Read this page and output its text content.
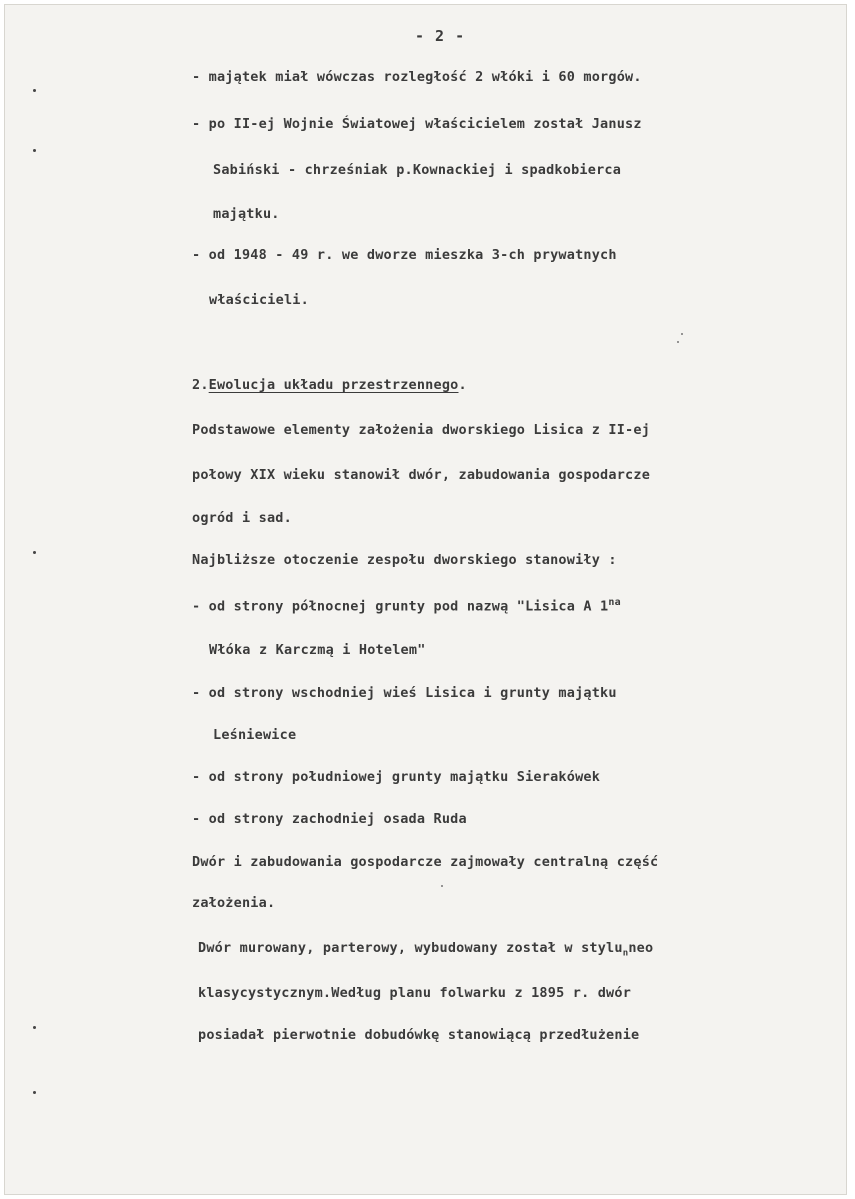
- 2 -
- majątek miał wówczas rozległość 2 włóki i 60 morgów.
- po II-ej Wojnie Światowej właścicielem został Janusz
Sabiński - chrześniak p.Kownackiej i spadkobierca
majątku.
- od 1948 - 49 r. we dworze mieszka 3-ch prywatnych
właścicieli.
2.Ewolucja układu przestrzennego.
Podstawowe elementy założenia dworskiego Lisica z II-ej
połowy XIX wieku stanowił dwór, zabudowania gospodarcze
ogród i sad.
Najbliższe otoczenie zespołu dworskiego stanowiły :
- od strony północnej grunty pod nazwą "Lisica A $1^{na}$
Włóka z Karczmą i Hotelem"
- od strony wschodniej wieś Lisica i grunty majątku
Leśniewice
- od strony południowej grunty majątku Sierakówek
- od strony zachodniej osada Ruda
Dwór i zabudowania gospodarcze zajmowały centralną część
założenia.
Dwór murowany, parterowy, wybudowany został w stylu$_n$neo
klasycystycznym.Według planu folwarku z 1895 r. dwór
posiadał pierwotnie dobudówkę stanowiącą przedłużenie
